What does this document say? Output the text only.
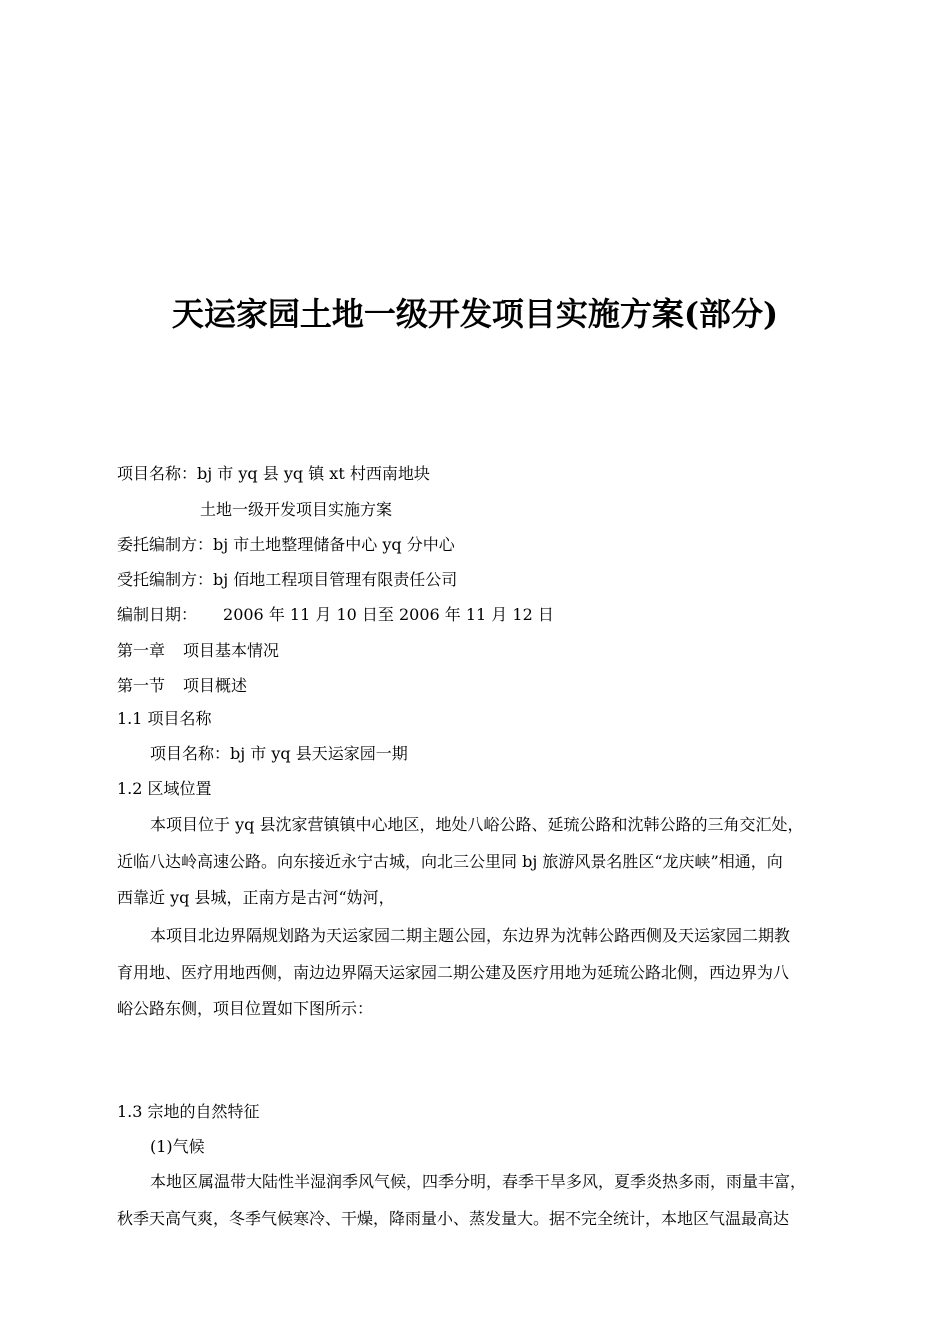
天运家园土地一级开发项目实施方案(部分)
项目名称：bj 市 yq 县 yq 镇 xt 村西南地块
土地一级开发项目实施方案
委托编制方：bj 市土地整理储备中心 yq 分中心
受托编制方：bj 佰地工程项目管理有限责任公司
编制日期： 2006 年 11 月 10 日至 2006 年 11 月 12 日
第一章 项目基本情况
第一节 项目概述
1.1 项目名称
项目名称：bj 市 yq 县天运家园一期
1.2 区域位置
本项目位于 yq 县沈家营镇镇中心地区，地处八峪公路、延琉公路和沈韩公路的三角交汇处，
近临八达岭高速公路。向东接近永宁古城，向北三公里同 bj 旅游风景名胜区“龙庆峡”相通，向
西靠近 yq 县城，正南方是古河“妫河，
本项目北边界隔规划路为天运家园二期主题公园，东边界为沈韩公路西侧及天运家园二期教
育用地、医疗用地西侧，南边边界隔天运家园二期公建及医疗用地为延琉公路北侧，西边界为八
峪公路东侧，项目位置如下图所示：
1.3 宗地的自然特征
(1)气候
本地区属温带大陆性半湿润季风气候，四季分明，春季干旱多风，夏季炎热多雨，雨量丰富，
秋季天高气爽，冬季气候寒冷、干燥，降雨量小、蒸发量大。据不完全统计，本地区气温最高达
